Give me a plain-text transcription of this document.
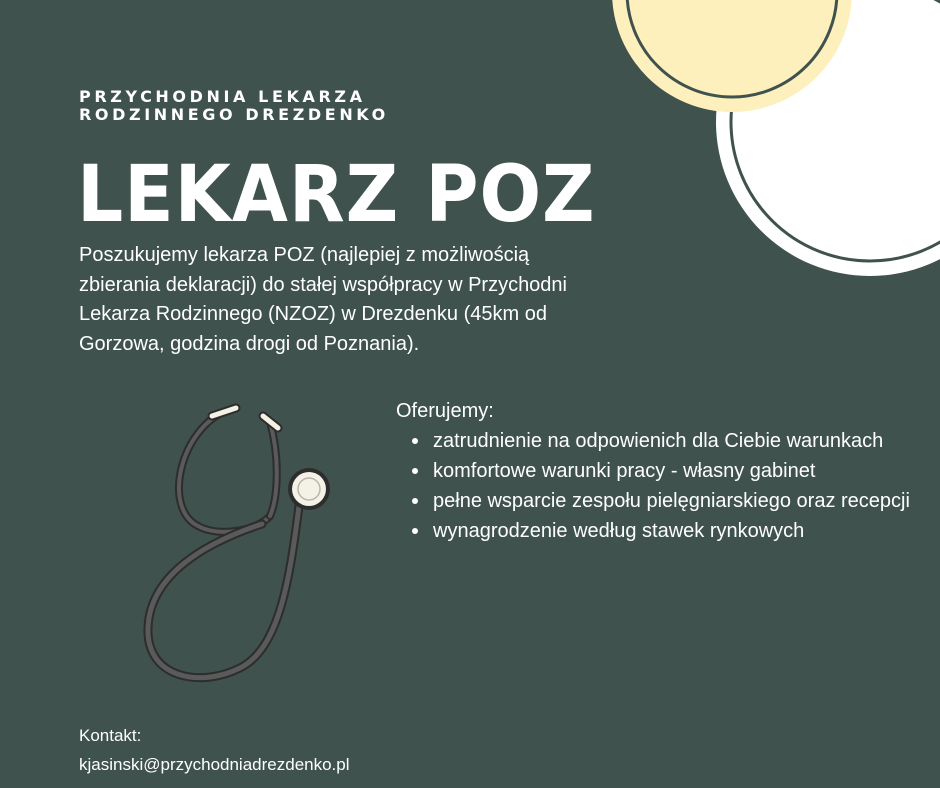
PRZYCHODNIA LEKARZA
RODZINNEGO DREZDENKO
LEKARZ POZ
Poszukujemy lekarza POZ (najlepiej z możliwością zbierania deklaracji) do stałej współpracy w Przychodni Lekarza Rodzinnego (NZOZ) w Drezdenku (45km od Gorzowa, godzina drogi od Poznania).
Oferujemy:
zatrudnienie na odpowienich dla Ciebie warunkach
komfortowe warunki pracy - własny gabinet
pełne wsparcie zespołu pielęgniarskiego oraz recepcji
wynagrodzenie według stawek rynkowych
Kontakt:
kjasinski@przychodniadrezdenko.pl
